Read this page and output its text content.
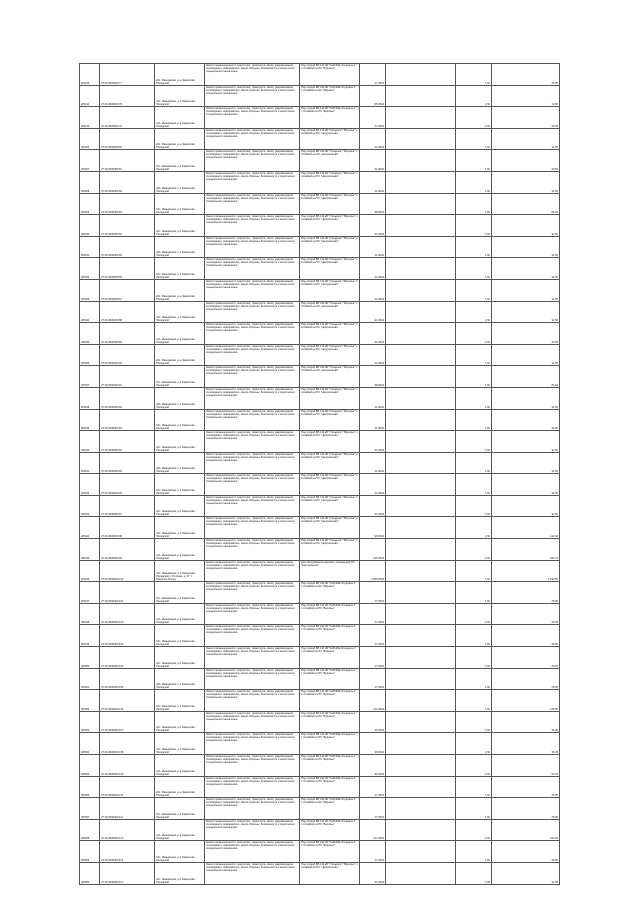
W0016	37:16:0000000:77	обл. Ивановская, р-н Гаврилово-Посадский	Земли промышленности, энергетики, транспорта, связи, радиовещания, телевидения, информатики, земли обороны, безопасности и земли иного специального назначения	Под опорой ВЛ-110 кВ "ЧАРНОЕ-Отрадное-1" с отпайкой на ПС "Воронья"	17,0004		1,50	25,05
W0014	37:16:0000000:78	обл. Ивановская, р-н Гаврилово-Посадский	Земли промышленности, энергетики, транспорта, связи, радиовещания, телевидения, информатики, земли обороны, безопасности и земли иного специального назначения	Под опорой ВЛ-110 кВ "ЧАРНОЕ-Отрадное-1" с отпайкой на ПС "Воронья"	65,0004		1,50	72,65
W0015	37:16:0000000:79	обл. Ивановская, р-н Гаврилово-Посадский	Земли промышленности, энергетики, транспорта, связи, радиовещания, телевидения, информатики, земли обороны, безопасности и земли иного специального назначения	Под опорой ВЛ-110 кВ "ЧАРНОЕ-Отрадное-1" с отпайкой на ПС "Воронья"	17,0004		1,50	25,05
W0025	37:16:0000000:80	обл. Ивановская, р-н Гаврилово-Посадский	Земли промышленности, энергетики, транспорта, связи, радиовещания, телевидения, информатики, земли обороны, безопасности и земли иного специального назначения	Под опорой ВЛ-110 кВ "Отрадное"-"Воронья" с отпайкой на ПС "Центральная"	21,0004		1,50	31,50
W0027	37:16:0000000:81	обл. Ивановская, р-н Гаврилово-Посадский	Земли промышленности, энергетики, транспорта, связи, радиовещания, телевидения, информатики, земли обороны, безопасности и земли иного специального назначения	Под опорой ВЛ-110 кВ "Отрадное"-"Воронья" с отпайкой на ПС "Центральная"	31,0004		1,50	46,50
W0028	37:16:0000000:82	обл. Ивановская, р-н Гаврилово-Посадский	Земли промышленности, энергетики, транспорта, связи, радиовещания, телевидения, информатики, земли обороны, безопасности и земли иного специального назначения	Под опорой ВЛ-110 кВ "Отрадное"-"Воронья" с отпайкой на ПС "Центральная"	21,0004		1,50	31,50
W0029	37:16:0000000:83	обл. Ивановская, р-н Гаврилово-Посадский	Земли промышленности, энергетики, транспорта, связи, радиовещания, телевидения, информатики, земли обороны, безопасности и земли иного специального назначения	Под опорой ВЛ-110 кВ "Отрадное"-"Воронья" с отпайкой на ПС "Центральная"	58,0004		1,50	86,04
W0030	37:16:0000000:84	обл. Ивановская, р-н Гаврилово-Посадский	Земли промышленности, энергетики, транспорта, связи, радиовещания, телевидения, информатики, земли обороны, безопасности и земли иного специального назначения	Под опорой ВЛ-110 кВ "Отрадное"-"Воронья" с отпайкой на ПС "Центральная"	21,0004		1,50	31,50
W0031	37:16:0000000:85	обл. Ивановская, р-н Гаврилово-Посадский	Земли промышленности, энергетики, транспорта, связи, радиовещания, телевидения, информатики, земли обороны, безопасности и земли иного специального назначения	Под опорой ВЛ-110 кВ "Отрадное"-"Воронья" с отпайкой на ПС "Центральная"	21,0004		1,50	31,50
W0032	37:16:0000000:86	обл. Ивановская, р-н Гаврилово-Посадский	Земли промышленности, энергетики, транспорта, связи, радиовещания, телевидения, информатики, земли обороны, безопасности и земли иного специального назначения	Под опорой ВЛ-110 кВ "Отрадное"-"Воронья" с отпайкой на ПС "Центральная"	21,0004		1,50	31,50
W0033	37:16:0000000:87	обл. Ивановская, р-н Гаврилово-Посадский	Земли промышленности, энергетики, транспорта, связи, радиовещания, телевидения, информатики, земли обороны, безопасности и земли иного специального назначения	Под опорой ВЛ-110 кВ "Отрадное"-"Воронья" с отпайкой на ПС "Центральная"	21,0004		1,50	31,50
W0034	37:16:0000000:88	обл. Ивановская, р-н Гаврилово-Посадский	Земли промышленности, энергетики, транспорта, связи, радиовещания, телевидения, информатики, земли обороны, безопасности и земли иного специального назначения	Под опорой ВЛ-110 кВ "Отрадное"-"Воронья" с отпайкой на ПС "Центральная"	21,0004		1,50	31,50
W0035	37:16:0000000:89	обл. Ивановская, р-н Гаврилово-Посадский	Земли промышленности, энергетики, транспорта, связи, радиовещания, телевидения, информатики, земли обороны, безопасности и земли иного специального назначения	Под опорой ВЛ-110 кВ "Отрадное"-"Воронья" с отпайкой на ПС "Центральная"	31,0004		1,50	46,50
W0036	37:16:0000000:90	обл. Ивановская, р-н Гаврилово-Посадский	Земли промышленности, энергетики, транспорта, связи, радиовещания, телевидения, информатики, земли обороны, безопасности и земли иного специального назначения	Под опорой ВЛ-110 кВ "Отрадное"-"Воронья" с отпайкой на ПС "Центральная"	21,0004		1,50	31,50
W0037	37:16:0000000:91	обл. Ивановская, р-н Гаврилово-Посадский	Земли промышленности, энергетики, транспорта, связи, радиовещания, телевидения, информатики, земли обороны, безопасности и земли иного специального назначения	Под опорой ВЛ-110 кВ "Отрадное"-"Воронья" с отпайкой на ПС "Центральная"	58,0004		1,50	86,04
W0038	37:16:0000000:92	обл. Ивановская, р-н Гаврилово-Посадский	Земли промышленности, энергетики, транспорта, связи, радиовещания, телевидения, информатики, земли обороны, безопасности и земли иного специального назначения	Под опорой ВЛ-110 кВ "Отрадное"-"Воронья" с отпайкой на ПС "Центральная"	21,0004		1,50	31,50
W0039	37:16:0000000:93	обл. Ивановская, р-н Гаврилово-Посадский	Земли промышленности, энергетики, транспорта, связи, радиовещания, телевидения, информатики, земли обороны, безопасности и земли иного специального назначения	Под опорой ВЛ-110 кВ "Отрадное"-"Воронья" с отпайкой на ПС "Центральная"	21,0004		1,50	31,50
W0040	37:16:0000000:94	обл. Ивановская, р-н Гаврилово-Посадский	Земли промышленности, энергетики, транспорта, связи, радиовещания, телевидения, информатики, земли обороны, безопасности и земли иного специального назначения	Под опорой ВЛ-110 кВ "Отрадное"-"Воронья" с отпайкой на ПС "Центральная"	21,0004		1,50	31,50
W0041	37:16:0000000:95	обл. Ивановская, р-н Гаврилово-Посадский	Земли промышленности, энергетики, транспорта, связи, радиовещания, телевидения, информатики, земли обороны, безопасности и земли иного специального назначения	Под опорой ВЛ-110 кВ "Отрадное"-"Воронья" с отпайкой на ПС "Центральная"	21,0004		1,50	31,50
W0042	37:16:0000000:96	обл. Ивановская, р-н Гаврилово-Посадский	Земли промышленности, энергетики, транспорта, связи, радиовещания, телевидения, информатики, земли обороны, безопасности и земли иного специального назначения	Под опорой ВЛ-110 кВ "Отрадное"-"Воронья" с отпайкой на ПС "Центральная"	21,0004		1,50	31,50
W0043	37:16:0000000:97	обл. Ивановская, р-н Гаврилово-Посадский	Земли промышленности, энергетики, транспорта, связи, радиовещания, телевидения, информатики, земли обороны, безопасности и земли иного специального назначения	Под опорой ВЛ-110 кВ "Отрадное"-"Воронья" с отпайкой на ПС "Центральная"	21,0004		1,50	31,50
W0044	37:16:0000000:98	обл. Ивановская, р-н Гаврилово-Посадский	Земли промышленности, энергетики, транспорта, связи, радиовещания, телевидения, информатики, земли обороны, безопасности и земли иного специального назначения	Под опорой ВЛ-110 кВ "Отрадное"-"Воронья" с отпайкой на ПС "Центральная"	96,0004		1,50	142,92
W0045	37:16:0000000:99	обл. Ивановская, р-н Гаврилово-Посадский	Земли промышленности, энергетики, транспорта, связи, радиовещания, телевидения, информатики, земли обороны, безопасности и земли иного специального назначения	Под опорой ВЛ-110 кВ "Отрадное"-"Воронья" с отпайкой на ПС "Центральная"	125,0004		1,50	186,74
W0046	37:16:0000000:100	обл. Ивановская, р-н Гаврилово-Посадский, с.Петрово, д. 37, г. Гаврилов Посад	Земли промышленности, энергетики, транспорта, связи, радиовещания, телевидения, информатики, земли обороны, безопасности и земли иного специального назначения	Для обслуживания зданий и сооружений ПС "Центральная"	2 955,0004		1,50	4 432,50
W0047	37:16:0000000:101	обл. Ивановская, р-н Гаврилово-Посадский	Земли промышленности, энергетики, транспорта, связи, радиовещания, телевидения, информатики, земли обороны, безопасности и земли иного специального назначения	Под опорой ВЛ-110 кВ "ЧАРНОЕ-Отрадное-1" с отпайкой на ПС "Воронья"	17,0004		1,50	25,05
W0048	37:16:0000000:102	обл. Ивановская, р-н Гаврилово-Посадский	Земли промышленности, энергетики, транспорта, связи, радиовещания, телевидения, информатики, земли обороны, безопасности и земли иного специального назначения	Под опорой ВЛ-110 кВ "ЧАРНОЕ-Отрадное-1" с отпайкой на ПС "Воронья"	17,0004		1,50	25,05
W0049	37:16:0000000:103	обл. Ивановская, р-н Гаврилово-Посадский	Земли промышленности, энергетики, транспорта, связи, радиовещания, телевидения, информатики, земли обороны, безопасности и земли иного специального назначения	Под опорой ВЛ-110 кВ "ЧАРНОЕ-Отрадное-1" с отпайкой на ПС "Воронья"	17,0004		1,50	25,05
W0050	37:16:0000000:104	обл. Ивановская, р-н Гаврилово-Посадский	Земли промышленности, энергетики, транспорта, связи, радиовещания, телевидения, информатики, земли обороны, безопасности и земли иного специального назначения	Под опорой ВЛ-110 кВ "ЧАРНОЕ-Отрадное-1" с отпайкой на ПС "Воронья"	17,0004		1,50	25,05
W0051	37:16:0000000:105	обл. Ивановская, р-н Гаврилово-Посадский	Земли промышленности, энергетики, транспорта, связи, радиовещания, телевидения, информатики, земли обороны, безопасности и земли иного специального назначения	Под опорой ВЛ-110 кВ "ЧАРНОЕ-Отрадное-1" с отпайкой на ПС "Воронья"	17,0004		1,50	25,05
W0052	37:16:0000000:106	обл. Ивановская, р-н Гаврилово-Посадский	Земли промышленности, энергетики, транспорта, связи, радиовещания, телевидения, информатики, земли обороны, безопасности и земли иного специального назначения	Под опорой ВЛ-110 кВ "ЧАРНОЕ-Отрадное-1" с отпайкой на ПС "Воронья"	131,0004		1,50	145,50
W0053	37:16:0000000:107	обл. Ивановская, р-н Гаврилово-Посадский	Земли промышленности, энергетики, транспорта, связи, радиовещания, телевидения, информатики, земли обороны, безопасности и земли иного специального назначения	Под опорой ВЛ-110 кВ "ЧАРНОЕ-Отрадное-1" с отпайкой на ПС "Воронья"	36,0004		1,50	36,45
W0054	37:16:0000000:108	обл. Ивановская, р-н Гаврилово-Посадский	Земли промышленности, энергетики, транспорта, связи, радиовещания, телевидения, информатики, земли обороны, безопасности и земли иного специального назначения	Под опорой ВЛ-110 кВ "ЧАРНОЕ-Отрадное-1" с отпайкой на ПС "Воронья"	36,0004		1,50	36,45
W0055	37:16:0000000:109	обл. Ивановская, р-н Гаврилово-Посадский	Земли промышленности, энергетики, транспорта, связи, радиовещания, телевидения, информатики, земли обороны, безопасности и земли иного специального назначения	Под опорой ВЛ-110 кВ "ЧАРНОЕ-Отрадное-1" с отпайкой на ПС "Воронья"	59,0004		1,50	60,75
W0056	37:16:0000000:110	обл. Ивановская, р-н Гаврилово-Посадский	Земли промышленности, энергетики, транспорта, связи, радиовещания, телевидения, информатики, земли обороны, безопасности и земли иного специального назначения	Под опорой ВЛ-110 кВ "ЧАРНОЕ-Отрадное-1" с отпайкой на ПС "Воронья"	17,0004		1,50	25,05
W0057	37:16:0000000:111	обл. Ивановская, р-н Гаврилово-Посадский	Земли промышленности, энергетики, транспорта, связи, радиовещания, телевидения, информатики, земли обороны, безопасности и земли иного специального назначения	Под опорой ВЛ-110 кВ "ЧАРНОЕ-Отрадное-1" с отпайкой на ПС "Воронья"	17,0004		1,50	25,05
W0058	37:16:0000000:112	обл. Ивановская, р-н Гаврилово-Посадский	Земли промышленности, энергетики, транспорта, связи, радиовещания, телевидения, информатики, земли обороны, безопасности и земли иного специального назначения	Под опорой ВЛ-110 кВ "ЧАРНОЕ-Отрадное-1" с отпайкой на ПС "Воронья"	107,0004		1,50	100,00
W0059	37:16:0000000:113	обл. Ивановская, р-н Гаврилово-Посадский	Земли промышленности, энергетики, транспорта, связи, радиовещания, телевидения, информатики, земли обороны, безопасности и земли иного специального назначения	Под опорой ВЛ-110 кВ "ЧАРНОЕ-Отрадное-1" с отпайкой на ПС "Воронья"	17,0004		1,50	25,05
W0060	37:16:0000000:114	обл. Ивановская, р-н Гаврилово-Посадский	Земли промышленности, энергетики, транспорта, связи, радиовещания, телевидения, информатики, земли обороны, безопасности и земли иного специального назначения	Под опорой ВЛ-110 кВ "Отрадное"-"Воронья" с отпайкой на ПС "Центральная"	21,0004		1,50	31,50
